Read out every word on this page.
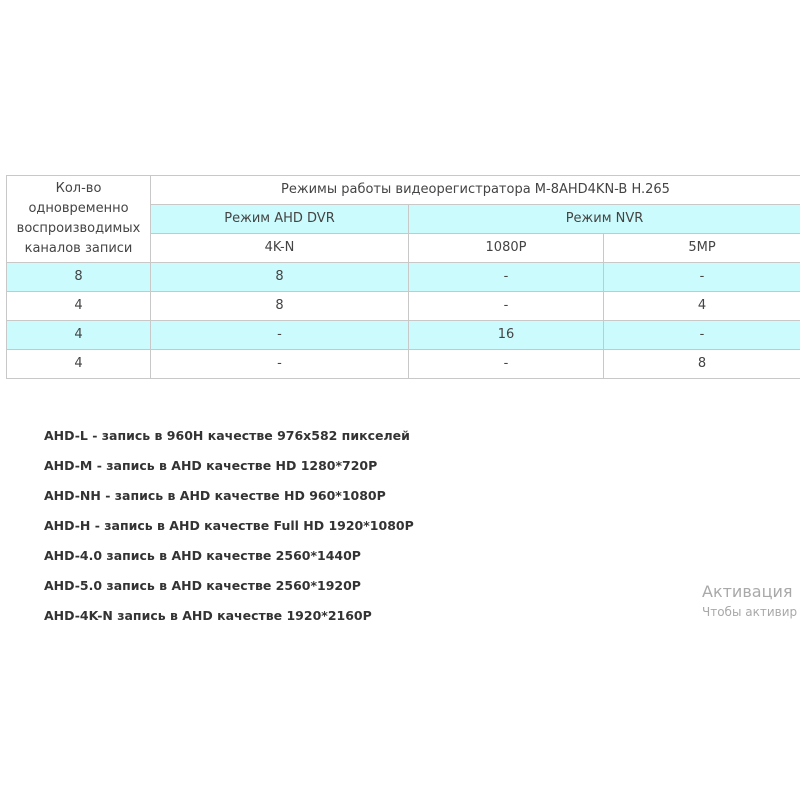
Кол-во одновременно воспроизводимых каналов записи	Режимы работы видеорегистратора M-8AHD4KN-B H.265		
	Режим AHD DVR	Режим NVR	
	4K-N	1080P	5MP
8	8	-	-
4	8	-	4
4	-	16	-
4	-	-	8
AHD-L - запись в 960H качестве 976x582 пикселей
AHD-M - запись в AHD качестве HD 1280*720P
AHD-NH - запись в AHD качестве HD 960*1080P
AHD-H - запись в AHD качестве Full HD 1920*1080P
AHD-4.0 запись в AHD качестве 2560*1440P
AHD-5.0 запись в AHD качестве 2560*1920P
AHD-4K-N запись в AHD качестве 1920*2160P
Активация
Чтобы активир
